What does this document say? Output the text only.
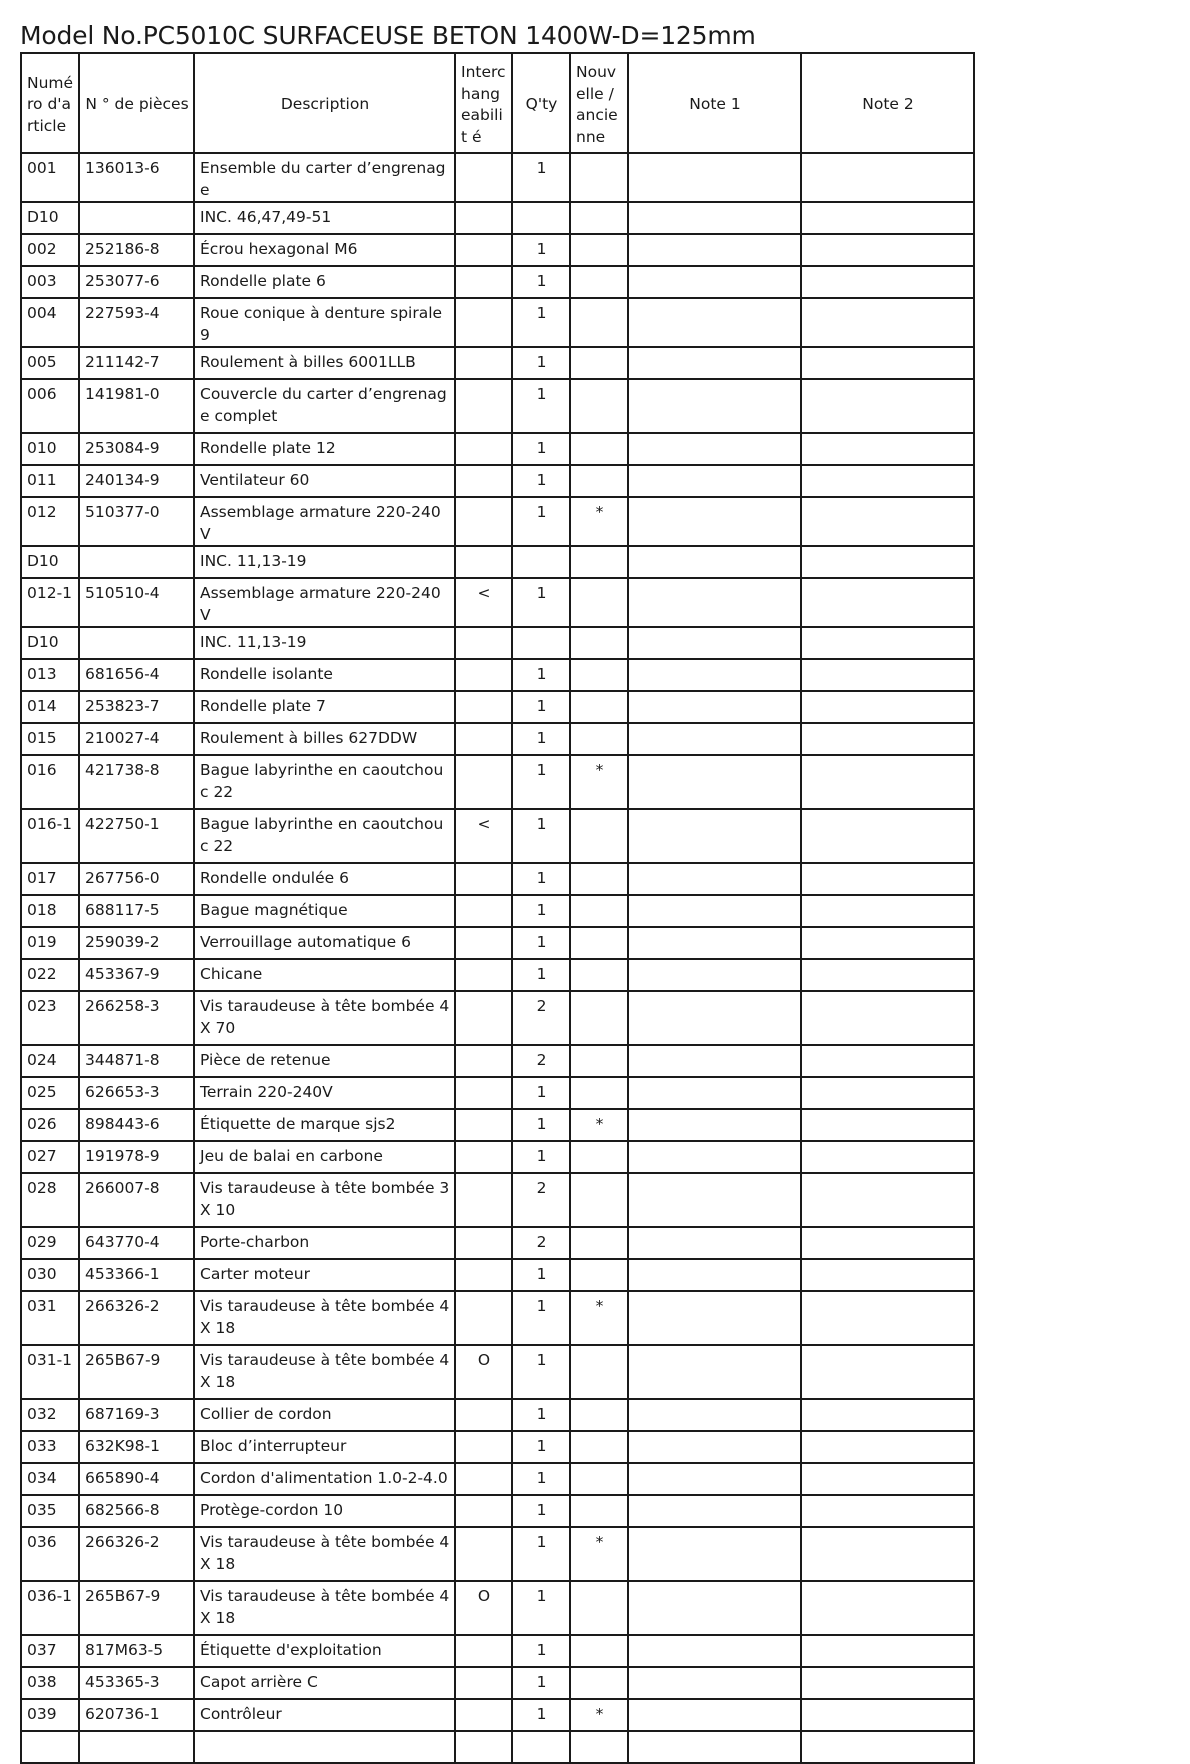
Model No.PC5010C SURFACEUSE BETON 1400W-D=125mm
Numé ro d'a rticle	N ° de pièces	Description	Interc hang eabilit é	Q'ty	Nouv elle / ancie nne	Note 1	Note 2
001	136013-6	Ensemble du carter d’engrenage		1			
D10		INC. 46,47,49-51					
002	252186-8	Écrou hexagonal M6		1			
003	253077-6	Rondelle plate 6		1			
004	227593-4	Roue conique à denture spirale 9		1			
005	211142-7	Roulement à billes 6001LLB		1			
006	141981-0	Couvercle du carter d’engrenage complet		1			
010	253084-9	Rondelle plate 12		1			
011	240134-9	Ventilateur 60		1			
012	510377-0	Assemblage armature 220-240V		1	*		
D10		INC. 11,13-19					
012-1	510510-4	Assemblage armature 220-240V	<	1			
D10		INC. 11,13-19					
013	681656-4	Rondelle isolante		1			
014	253823-7	Rondelle plate 7		1			
015	210027-4	Roulement à billes 627DDW		1			
016	421738-8	Bague labyrinthe en caoutchouc 22		1	*		
016-1	422750-1	Bague labyrinthe en caoutchouc 22	<	1			
017	267756-0	Rondelle ondulée 6		1			
018	688117-5	Bague magnétique		1			
019	259039-2	Verrouillage automatique 6		1			
022	453367-9	Chicane		1			
023	266258-3	Vis taraudeuse à tête bombée 4X 70		2			
024	344871-8	Pièce de retenue		2			
025	626653-3	Terrain 220-240V		1			
026	898443-6	Étiquette de marque sjs2		1	*		
027	191978-9	Jeu de balai en carbone		1			
028	266007-8	Vis taraudeuse à tête bombée 3X 10		2			
029	643770-4	Porte-charbon		2			
030	453366-1	Carter moteur		1			
031	266326-2	Vis taraudeuse à tête bombée 4X 18		1	*		
031-1	265B67-9	Vis taraudeuse à tête bombée 4X 18	O	1			
032	687169-3	Collier de cordon		1			
033	632K98-1	Bloc d’interrupteur		1			
034	665890-4	Cordon d'alimentation 1.0-2-4.0		1			
035	682566-8	Protège-cordon 10		1			
036	266326-2	Vis taraudeuse à tête bombée 4X 18		1	*		
036-1	265B67-9	Vis taraudeuse à tête bombée 4X 18	O	1			
037	817M63-5	Étiquette d'exploitation		1			
038	453365-3	Capot arrière C		1			
039	620736-1	Contrôleur		1	*		
